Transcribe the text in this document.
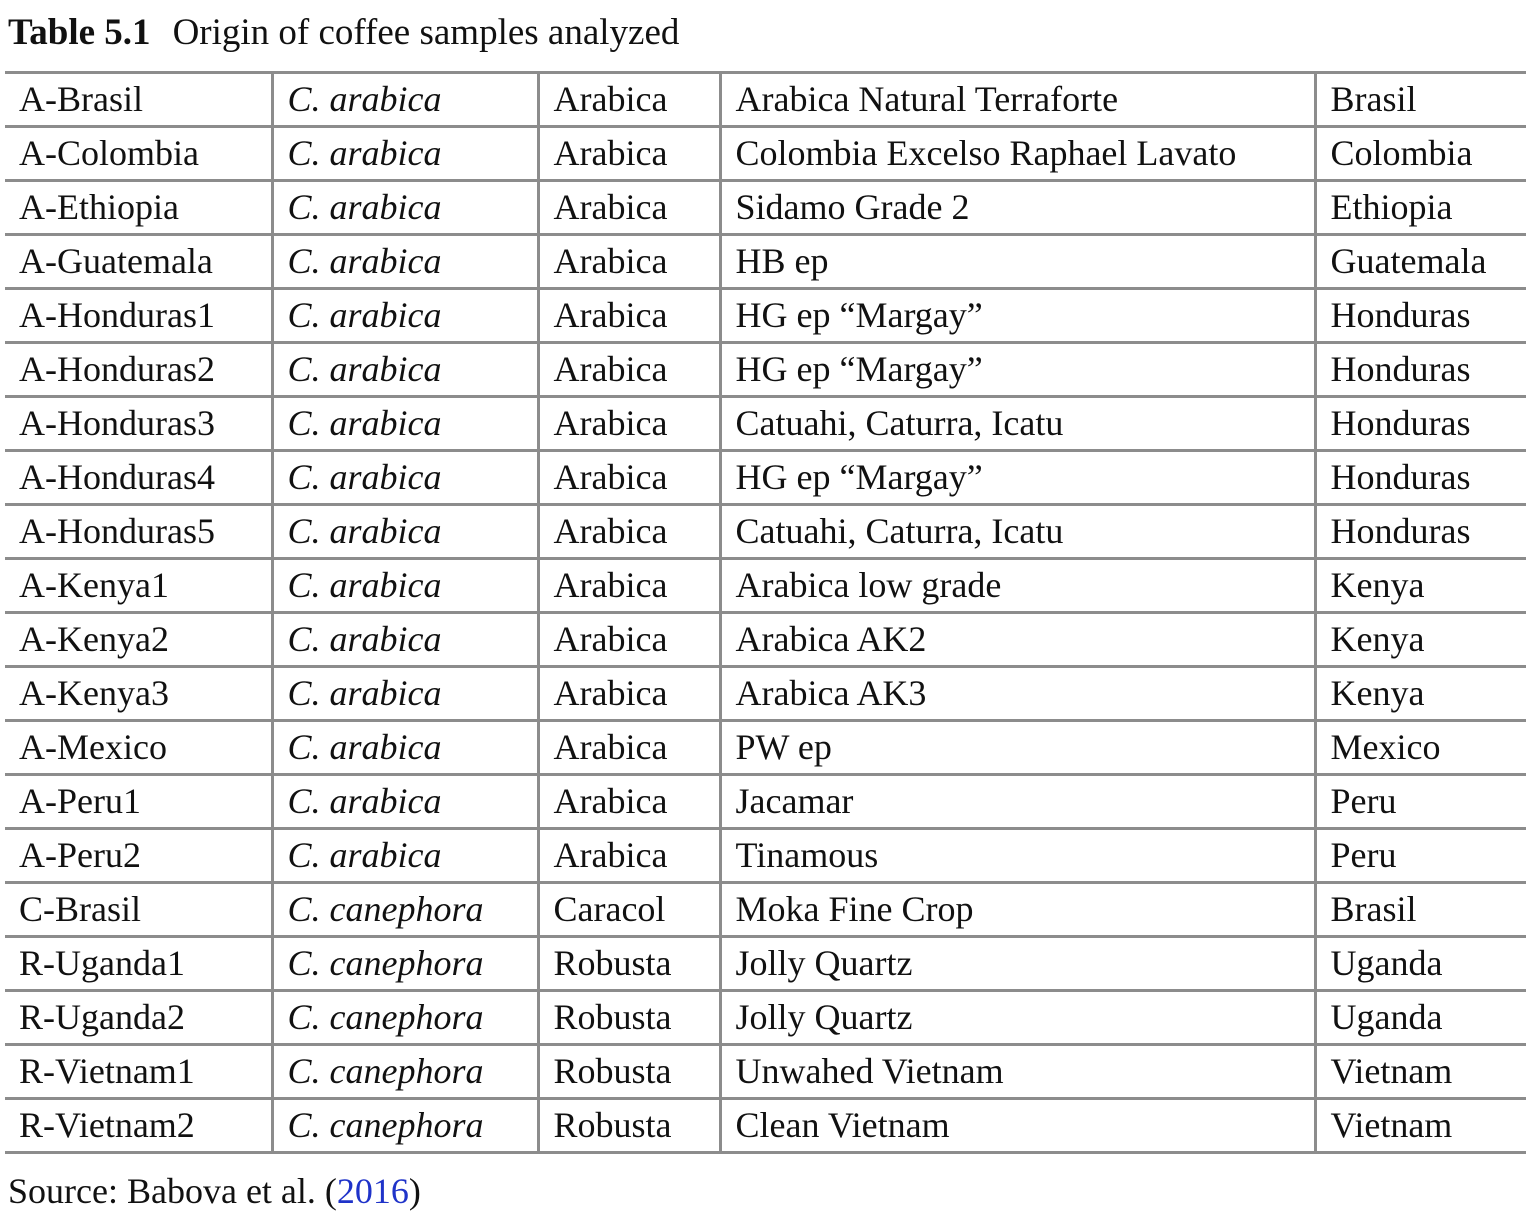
Table 5.1 Origin of coffee samples analyzed
A-Brasil	C. arabica	Arabica	Arabica Natural Terraforte	Brasil
A-Colombia	C. arabica	Arabica	Colombia Excelso Raphael Lavato	Colombia
A-Ethiopia	C. arabica	Arabica	Sidamo Grade 2	Ethiopia
A-Guatemala	C. arabica	Arabica	HB ep	Guatemala
A-Honduras1	C. arabica	Arabica	HG ep “Margay”	Honduras
A-Honduras2	C. arabica	Arabica	HG ep “Margay”	Honduras
A-Honduras3	C. arabica	Arabica	Catuahi, Caturra, Icatu	Honduras
A-Honduras4	C. arabica	Arabica	HG ep “Margay”	Honduras
A-Honduras5	C. arabica	Arabica	Catuahi, Caturra, Icatu	Honduras
A-Kenya1	C. arabica	Arabica	Arabica low grade	Kenya
A-Kenya2	C. arabica	Arabica	Arabica AK2	Kenya
A-Kenya3	C. arabica	Arabica	Arabica AK3	Kenya
A-Mexico	C. arabica	Arabica	PW ep	Mexico
A-Peru1	C. arabica	Arabica	Jacamar	Peru
A-Peru2	C. arabica	Arabica	Tinamous	Peru
C-Brasil	C. canephora	Caracol	Moka Fine Crop	Brasil
R-Uganda1	C. canephora	Robusta	Jolly Quartz	Uganda
R-Uganda2	C. canephora	Robusta	Jolly Quartz	Uganda
R-Vietnam1	C. canephora	Robusta	Unwahed Vietnam	Vietnam
R-Vietnam2	C. canephora	Robusta	Clean Vietnam	Vietnam
Source: Babova et al. (2016)
